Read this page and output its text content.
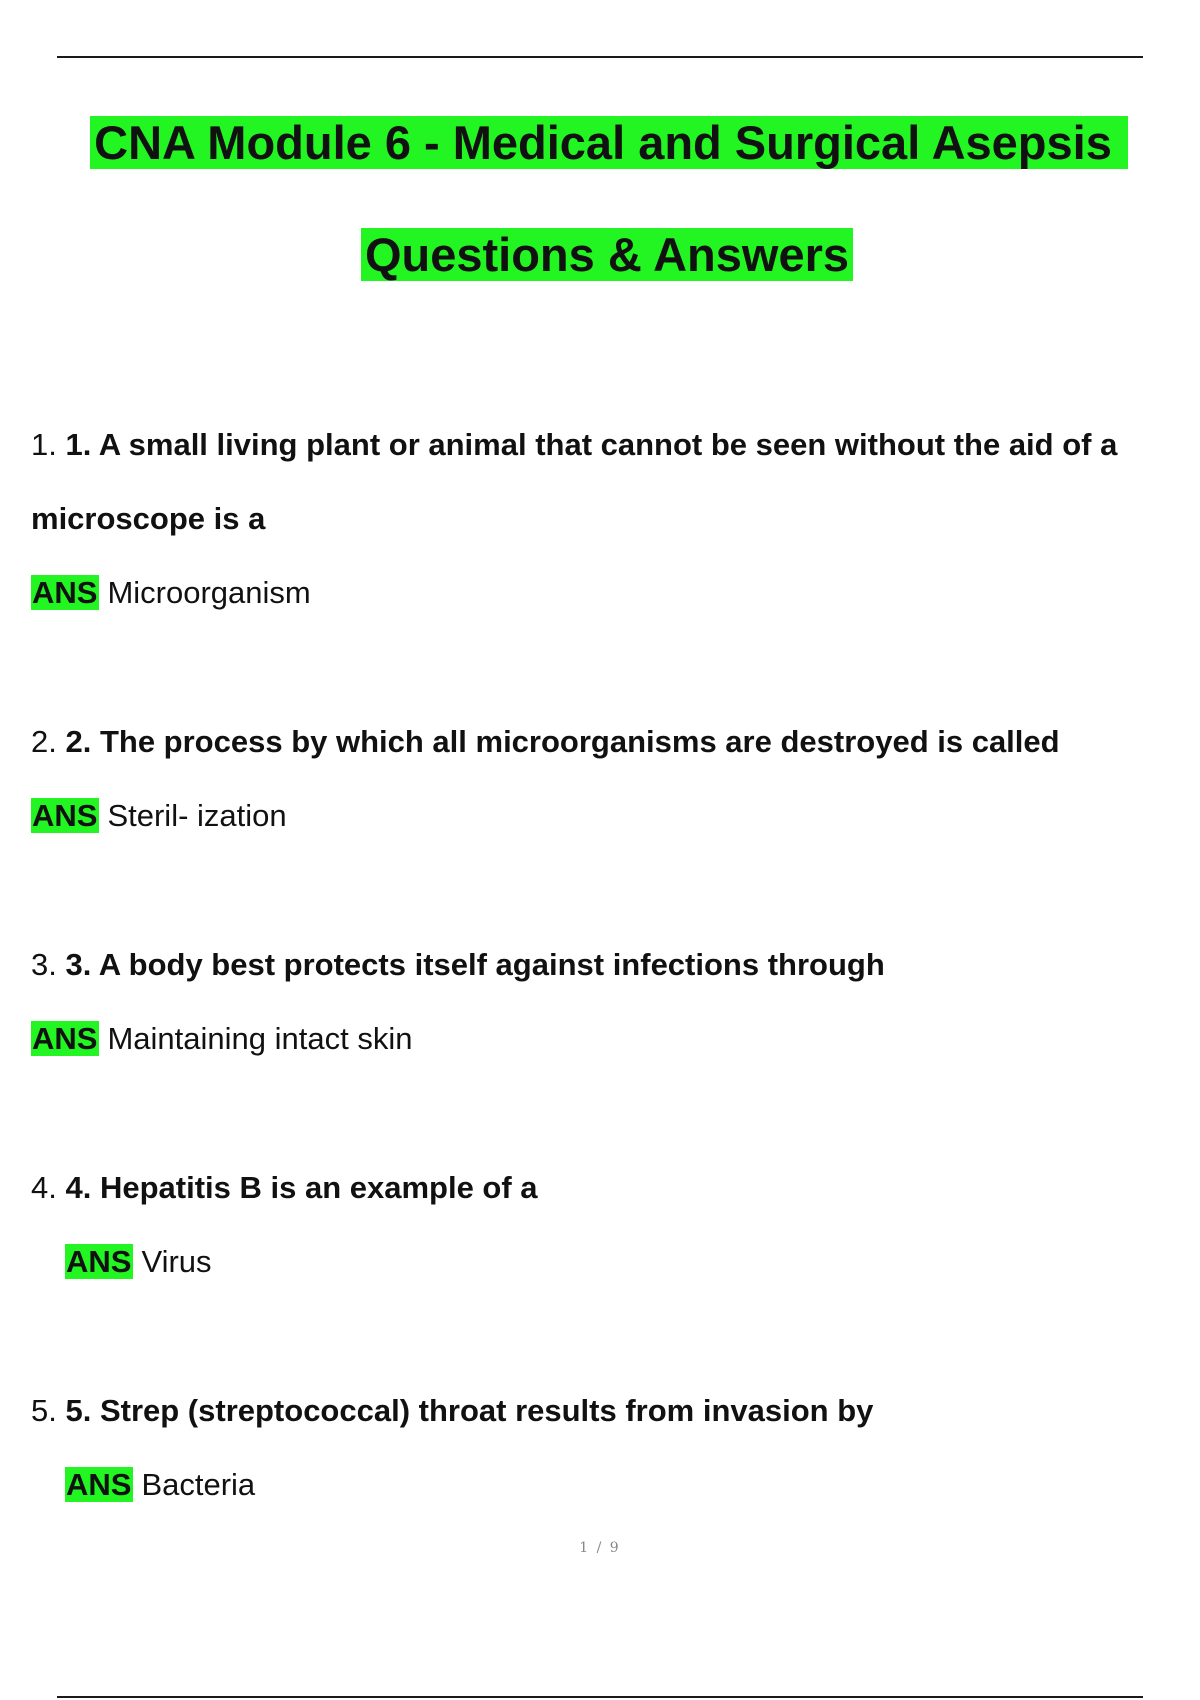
CNA Module 6 - Medical and Surgical Asepsis
Questions & Answers
1. 1. A small living plant or animal that cannot be seen without the aid of a
microscope is a
ANS Microorganism
2. 2. The process by which all microorganisms are destroyed is called
ANS Steril- ization
3. 3. A body best protects itself against infections through
ANS Maintaining intact skin
4. 4. Hepatitis B is an example of a
ANS Virus
5. 5. Strep (streptococcal) throat results from invasion by
ANS Bacteria
1 / 9
